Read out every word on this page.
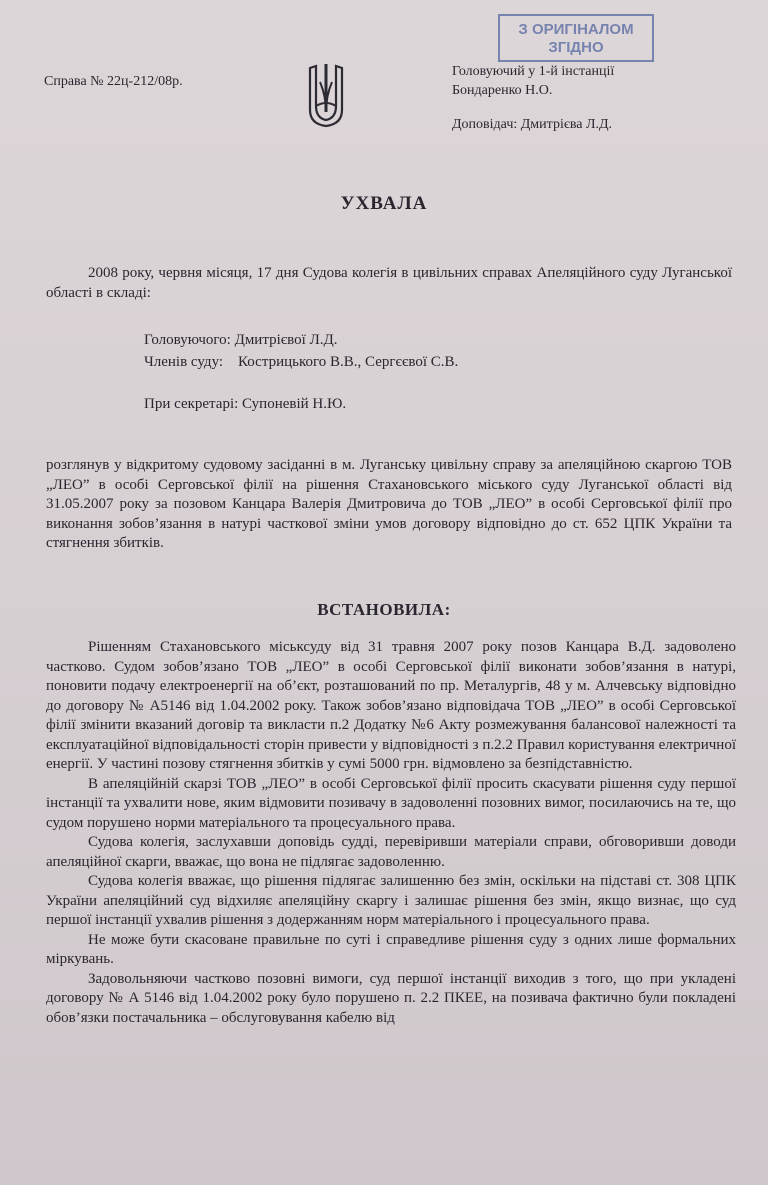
Справа № 22ц-212/08р.
З ОРИГІНАЛОМ
ЗГІДНО
Головуючий у 1-й інстанції
Бондаренко Н.О.
Доповідач: Дмитрієва Л.Д.
УХВАЛА
2008 року, червня місяця, 17 дня Судова колегія в цивільних справах Апеляційного суду Луганської області в складі:
Головуючого: Дмитрієвої Л.Д.
Членів суду:    Кострицького В.В., Сергєєвої С.В.
При секретарі: Супоневій Н.Ю.
розглянув у відкритому судовому засіданні в м. Луганську цивільну справу за апеляційною скаргою ТОВ „ЛЕО” в особі Серговської філії на рішення Стахановського міського суду Луганської області від 31.05.2007 року за позовом Канцара Валерія Дмитровича до ТОВ „ЛЕО” в особі Серговської філії про виконання зобов’язання в натурі часткової зміни умов договору відповідно до ст. 652 ЦПК України та стягнення збитків.
ВСТАНОВИЛА:

Рішенням Стахановського міськсуду від 31 травня 2007 року позов Канцара В.Д. задоволено частково. Судом зобов’язано ТОВ „ЛЕО” в особі Серговської філії виконати зобов’язання в натурі, поновити подачу електроенергії на об’єкт, розташований по пр. Металургів, 48 у м. Алчевську відповідно до договору № А5146 від 1.04.2002 року. Також зобов’язано відповідача ТОВ „ЛЕО” в особі Серговської філії змінити вказаний договір та викласти п.2 Додатку №6 Акту розмежування балансової належності та експлуатаційної відповідальності сторін привести у відповідності з п.2.2 Правил користування електричної енергії. У частині позову стягнення збитків у сумі 5000 грн. відмовлено за безпідставністю.

В апеляційній скарзі ТОВ „ЛЕО” в особі Серговської філії просить скасувати рішення суду першої інстанції та ухвалити нове, яким відмовити позивачу в задоволенні позовних вимог, посилаючись на те, що судом порушено норми матеріального та процесуального права.

Судова колегія, заслухавши доповідь судді, перевіривши матеріали справи, обговоривши доводи апеляційної скарги, вважає, що вона не підлягає задоволенню.

Судова колегія вважає, що рішення підлягає залишенню без змін, оскільки на підставі ст. 308 ЦПК України апеляційний суд відхиляє апеляційну скаргу і залишає рішення без змін, якщо визнає, що суд першої інстанції ухвалив рішення з додержанням норм матеріального і процесуального права.

Не може бути скасоване правильне по суті і справедливе рішення суду з одних лише формальних міркувань.

Задовольняючи частково позовні вимоги, суд першої інстанції виходив з того, що при укладені договору № А 5146 від 1.04.2002 року було порушено п. 2.2 ПКЕЕ, на позивача фактично були покладені обов’язки постачальника – обслуговування кабелю від
